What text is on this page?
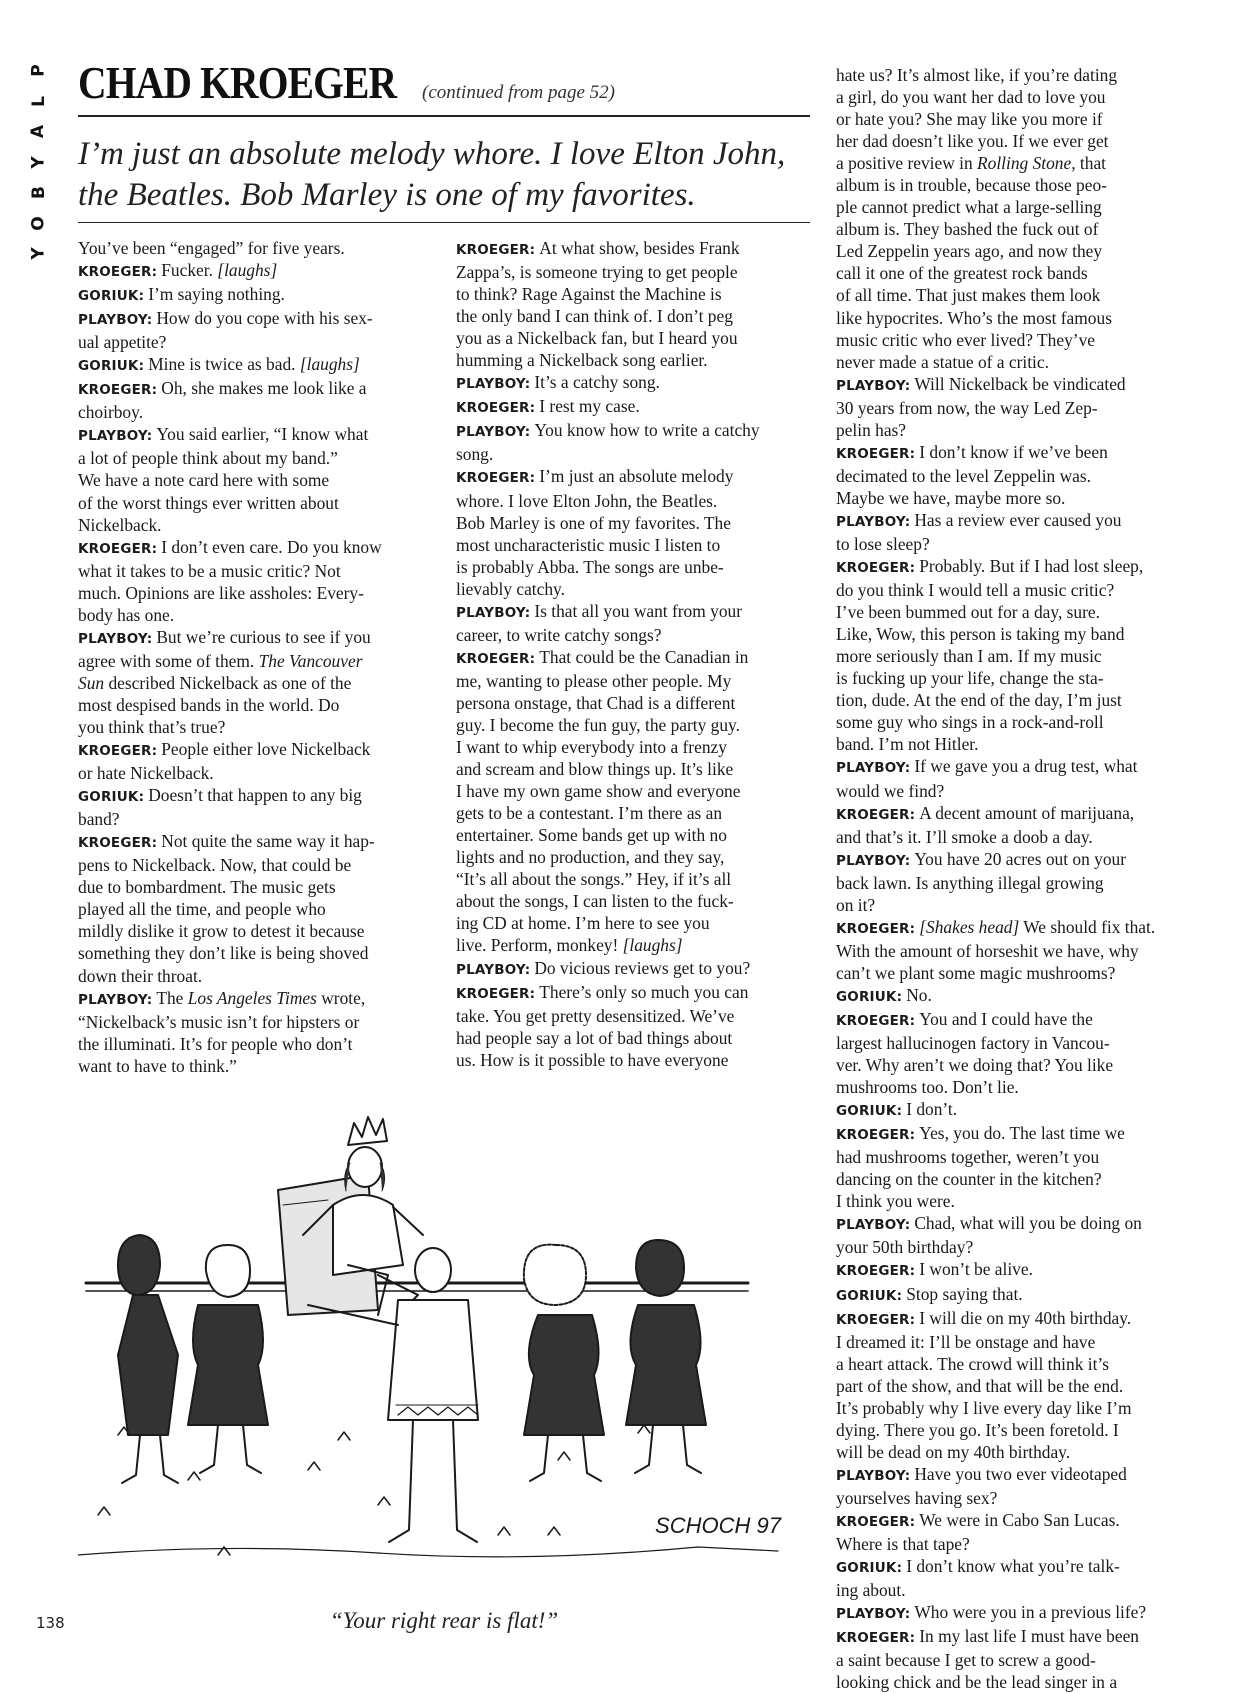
P
L
A
Y
B
O
Y
CHAD KROEGER (continued from page 52)
I’m just an absolute melody whore. I love Elton John,
the Beatles. Bob Marley is one of my favorites.
You’ve been “engaged” for five years.
KROEGER: Fucker. [laughs]
GORIUK: I’m saying nothing.
PLAYBOY: How do you cope with his sex-
ual appetite?
GORIUK: Mine is twice as bad. [laughs]
KROEGER: Oh, she makes me look like a
choirboy.
PLAYBOY: You said earlier, “I know what
a lot of people think about my band.”
We have a note card here with some
of the worst things ever written about
Nickelback.
KROEGER: I don’t even care. Do you know
what it takes to be a music critic? Not
much. Opinions are like assholes: Every-
body has one.
PLAYBOY: But we’re curious to see if you
agree with some of them. The Vancouver
Sun described Nickelback as one of the
most despised bands in the world. Do
you think that’s true?
KROEGER: People either love Nickelback
or hate Nickelback.
GORIUK: Doesn’t that happen to any big
band?
KROEGER: Not quite the same way it hap-
pens to Nickelback. Now, that could be
due to bombardment. The music gets
played all the time, and people who
mildly dislike it grow to detest it because
something they don’t like is being shoved
down their throat.
PLAYBOY: The Los Angeles Times wrote,
“Nickelback’s music isn’t for hipsters or
the illuminati. It’s for people who don’t
want to have to think.”
KROEGER: At what show, besides Frank
Zappa’s, is someone trying to get people
to think? Rage Against the Machine is
the only band I can think of. I don’t peg
you as a Nickelback fan, but I heard you
humming a Nickelback song earlier.
PLAYBOY: It’s a catchy song.
KROEGER: I rest my case.
PLAYBOY: You know how to write a catchy
song.
KROEGER: I’m just an absolute melody
whore. I love Elton John, the Beatles.
Bob Marley is one of my favorites. The
most uncharacteristic music I listen to
is probably Abba. The songs are unbe-
lievably catchy.
PLAYBOY: Is that all you want from your
career, to write catchy songs?
KROEGER: That could be the Canadian in
me, wanting to please other people. My
persona onstage, that Chad is a different
guy. I become the fun guy, the party guy.
I want to whip everybody into a frenzy
and scream and blow things up. It’s like
I have my own game show and everyone
gets to be a contestant. I’m there as an
entertainer. Some bands get up with no
lights and no production, and they say,
“It’s all about the songs.” Hey, if it’s all
about the songs, I can listen to the fuck-
ing CD at home. I’m here to see you
live. Perform, monkey! [laughs]
PLAYBOY: Do vicious reviews get to you?
KROEGER: There’s only so much you can
take. You get pretty desensitized. We’ve
had people say a lot of bad things about
us. How is it possible to have everyone
hate us? It’s almost like, if you’re dating
a girl, do you want her dad to love you
or hate you? She may like you more if
her dad doesn’t like you. If we ever get
a positive review in Rolling Stone, that
album is in trouble, because those peo-
ple cannot predict what a large-selling
album is. They bashed the fuck out of
Led Zeppelin years ago, and now they
call it one of the greatest rock bands
of all time. That just makes them look
like hypocrites. Who’s the most famous
music critic who ever lived? They’ve
never made a statue of a critic.
PLAYBOY: Will Nickelback be vindicated
30 years from now, the way Led Zep-
pelin has?
KROEGER: I don’t know if we’ve been
decimated to the level Zeppelin was.
Maybe we have, maybe more so.
PLAYBOY: Has a review ever caused you
to lose sleep?
KROEGER: Probably. But if I had lost sleep,
do you think I would tell a music critic?
I’ve been bummed out for a day, sure.
Like, Wow, this person is taking my band
more seriously than I am. If my music
is fucking up your life, change the sta-
tion, dude. At the end of the day, I’m just
some guy who sings in a rock-and-roll
band. I’m not Hitler.
PLAYBOY: If we gave you a drug test, what
would we find?
KROEGER: A decent amount of marijuana,
and that’s it. I’ll smoke a doob a day.
PLAYBOY: You have 20 acres out on your
back lawn. Is anything illegal growing
on it?
KROEGER: [Shakes head] We should fix that.
With the amount of horseshit we have, why
can’t we plant some magic mushrooms?
GORIUK: No.
KROEGER: You and I could have the
largest hallucinogen factory in Vancou-
ver. Why aren’t we doing that? You like
mushrooms too. Don’t lie.
GORIUK: I don’t.
KROEGER: Yes, you do. The last time we
had mushrooms together, weren’t you
dancing on the counter in the kitchen?
I think you were.
PLAYBOY: Chad, what will you be doing on
your 50th birthday?
KROEGER: I won’t be alive.
GORIUK: Stop saying that.
KROEGER: I will die on my 40th birthday.
I dreamed it: I’ll be onstage and have
a heart attack. The crowd will think it’s
part of the show, and that will be the end.
It’s probably why I live every day like I’m
dying. There you go. It’s been foretold. I
will be dead on my 40th birthday.
PLAYBOY: Have you two ever videotaped
yourselves having sex?
KROEGER: We were in Cabo San Lucas.
Where is that tape?
GORIUK: I don’t know what you’re talk-
ing about.
PLAYBOY: Who were you in a previous life?
KROEGER: In my last life I must have been
a saint because I get to screw a good-
looking chick and be the lead singer in a
SCHOCH 97
“Your right rear is flat!”
138
